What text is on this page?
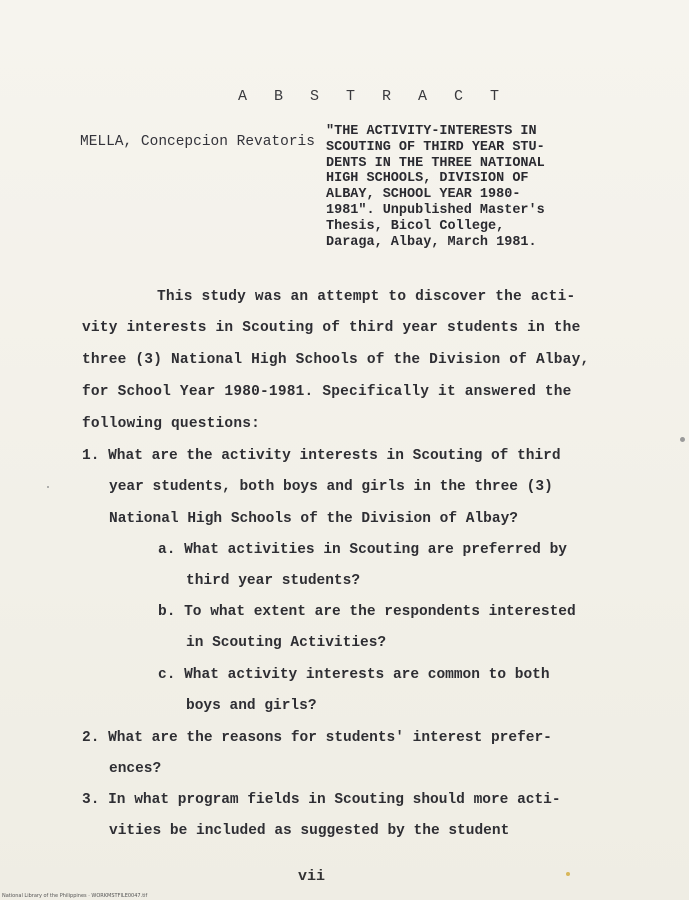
A B S T R A C T
MELLA, Concepcion Revatoris
"THE ACTIVITY-INTERESTS IN
SCOUTING OF THIRD YEAR STU-
DENTS IN THE THREE NATIONAL
HIGH SCHOOLS, DIVISION OF
ALBAY, SCHOOL YEAR 1980-
1981". Unpublished Master's
Thesis, Bicol College,
Daraga, Albay, March 1981.
This study was an attempt to discover the acti-
vity interests in Scouting of third year students in the
three (3) National High Schools of the Division of Albay,
for School Year 1980-1981. Specifically it answered the
following questions:
1. What are the activity interests in Scouting of third
year students, both boys and girls in the three (3)
National High Schools of the Division of Albay?
a. What activities in Scouting are preferred by
third year students?
b. To what extent are the respondents interested
in Scouting Activities?
c. What activity interests are common to both
boys and girls?
2. What are the reasons for students' interest prefer-
ences?
3. In what program fields in Scouting should more acti-
vities be included as suggested by the student
vii
National Library of the Philippines · WORKMSTFILE0047.tif
